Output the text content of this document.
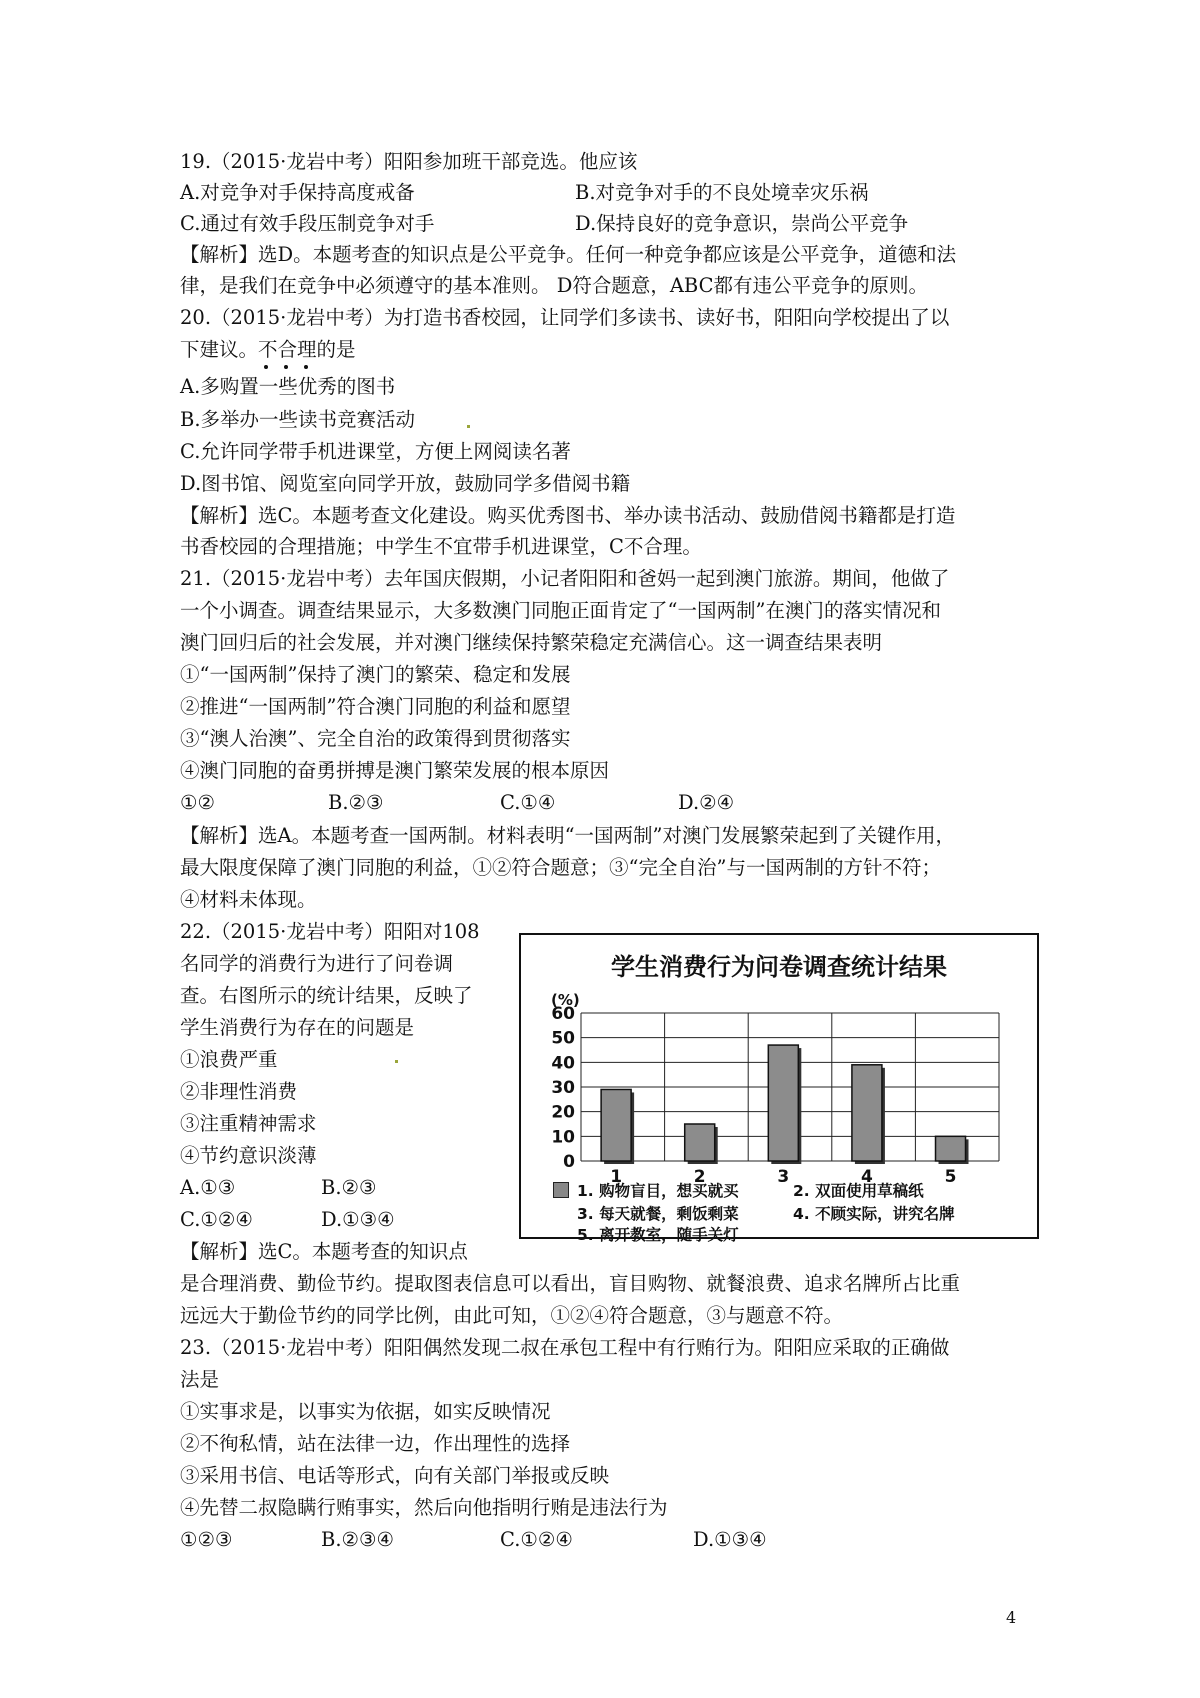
19.（2015·龙岩中考）阳阳参加班干部竞选。他应该
A.对竞争对手保持高度戒备	B.对竞争对手的不良处境幸灾乐祸
C.通过有效手段压制竞争对手	D.保持良好的竞争意识，崇尚公平竞争
【解析】选D。本题考查的知识点是公平竞争。任何一种竞争都应该是公平竞争，道德和法
律，是我们在竞争中必须遵守的基本准则。 D符合题意，ABC都有违公平竞争的原则。
20.（2015·龙岩中考）为打造书香校园，让同学们多读书、读好书，阳阳向学校提出了以
下建议。不合理
的是
A.多购置一些优秀的图书
B.多举办一些读书竞赛活动
C.允许同学带手机进课堂，方便上网阅读名著
D.图书馆、阅览室向同学开放，鼓励同学多借阅书籍
【解析】选C。本题考查文化建设。购买优秀图书、举办读书活动、鼓励借阅书籍都是打造
书香校园的合理措施；中学生不宜带手机进课堂，C不合理。
21.（2015·龙岩中考）去年国庆假期，小记者阳阳和爸妈一起到澳门旅游。期间，他做了
一个小调查。调查结果显示，大多数澳门同胞正面肯定了“一国两制”在澳门的落实情况和
澳门回归后的社会发展，并对澳门继续保持繁荣稳定充满信心。这一调查结果表明
①“一国两制”保持了澳门的繁荣、稳定和发展
②推进“一国两制”符合澳门同胞的利益和愿望
③“澳人治澳”、完全自治的政策得到贯彻落实
④澳门同胞的奋勇拼搏是澳门繁荣发展的根本原因
①②	B.②③	C.①④	D.②④
【解析】选A。本题考查一国两制。材料表明“一国两制”对澳门发展繁荣起到了关键作用，
最大限度保障了澳门同胞的利益，①②符合题意；③“完全自治”与一国两制的方针不符；
④材料未体现。
22.（2015·龙岩中考）阳阳对108
名同学的消费行为进行了问卷调
查。右图所示的统计结果，反映了
学生消费行为存在的问题是
①浪费严重
②非理性消费
③注重精神需求
④节约意识淡薄
A.①③	B.②③
C.①②④	D.①③④
【解析】选C。本题考查的知识点
是合理消费、勤俭节约。提取图表信息可以看出，盲目购物、就餐浪费、追求名牌所占比重
远远大于勤俭节约的同学比例，由此可知，①②④符合题意，③与题意不符。
学生消费行为问卷调查统计结果
0
10
20
30
40
50
60
(%)
1	2	3	4	5
1. 购物盲目，想买就买	2. 双面使用草稿纸
3. 每天就餐，剩饭剩菜	4. 不顾实际，讲究名牌
5. 离开教室，随手关灯
23.（2015·龙岩中考）阳阳偶然发现二叔在承包工程中有行贿行为。阳阳应采取的正确做
法是
①实事求是，以事实为依据，如实反映情况
②不徇私情，站在法律一边，作出理性的选择
③采用书信、电话等形式，向有关部门举报或反映
④先替二叔隐瞒行贿事实，然后向他指明行贿是违法行为
①②③	B.②③④	C.①②④	D.①③④
4
